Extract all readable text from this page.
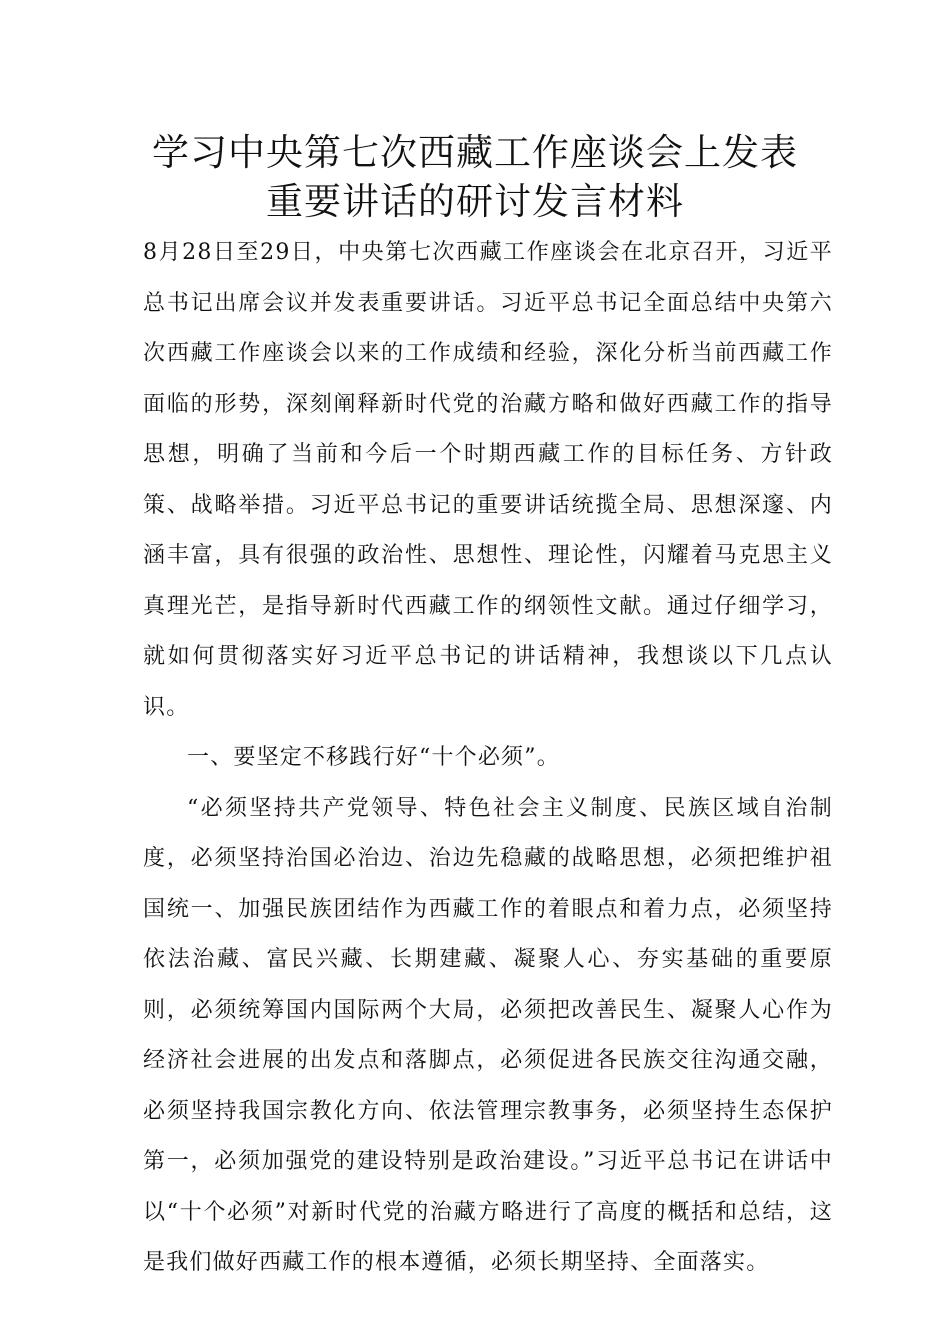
学习中央第七次西藏工作座谈会上发表
重要讲话的研讨发言材料

8月28日至29日，中央第七次西藏工作座谈会在北京召开，习近平总书记出席会议并发表重要讲话。习近平总书记全面总结中央第六次西藏工作座谈会以来的工作成绩和经验，深化分析当前西藏工作面临的形势，深刻阐释新时代党的治藏方略和做好西藏工作的指导思想，明确了当前和今后一个时期西藏工作的目标任务、方针政策、战略举措。习近平总书记的重要讲话统揽全局、思想深邃、内涵丰富，具有很强的政治性、思想性、理论性，闪耀着马克思主义真理光芒，是指导新时代西藏工作的纲领性文献。通过仔细学习，就如何贯彻落实好习近平总书记的讲话精神，我想谈以下几点认识。

一、要坚定不移践行好“十个必须”。

“必须坚持共产党领导、特色社会主义制度、民族区域自治制度，必须坚持治国必治边、治边先稳藏的战略思想，必须把维护祖国统一、加强民族团结作为西藏工作的着眼点和着力点，必须坚持依法治藏、富民兴藏、长期建藏、凝聚人心、夯实基础的重要原则，必须统筹国内国际两个大局，必须把改善民生、凝聚人心作为经济社会进展的出发点和落脚点，必须促进各民族交往沟通交融，必须坚持我国宗教化方向、依法管理宗教事务，必须坚持生态保护第一，必须加强党的建设特别是政治建设。”习近平总书记在讲话中以“十个必须”对新时代党的治藏方略进行了高度的概括和总结，这是我们做好西藏工作的根本遵循，必须长期坚持、全面落实。
